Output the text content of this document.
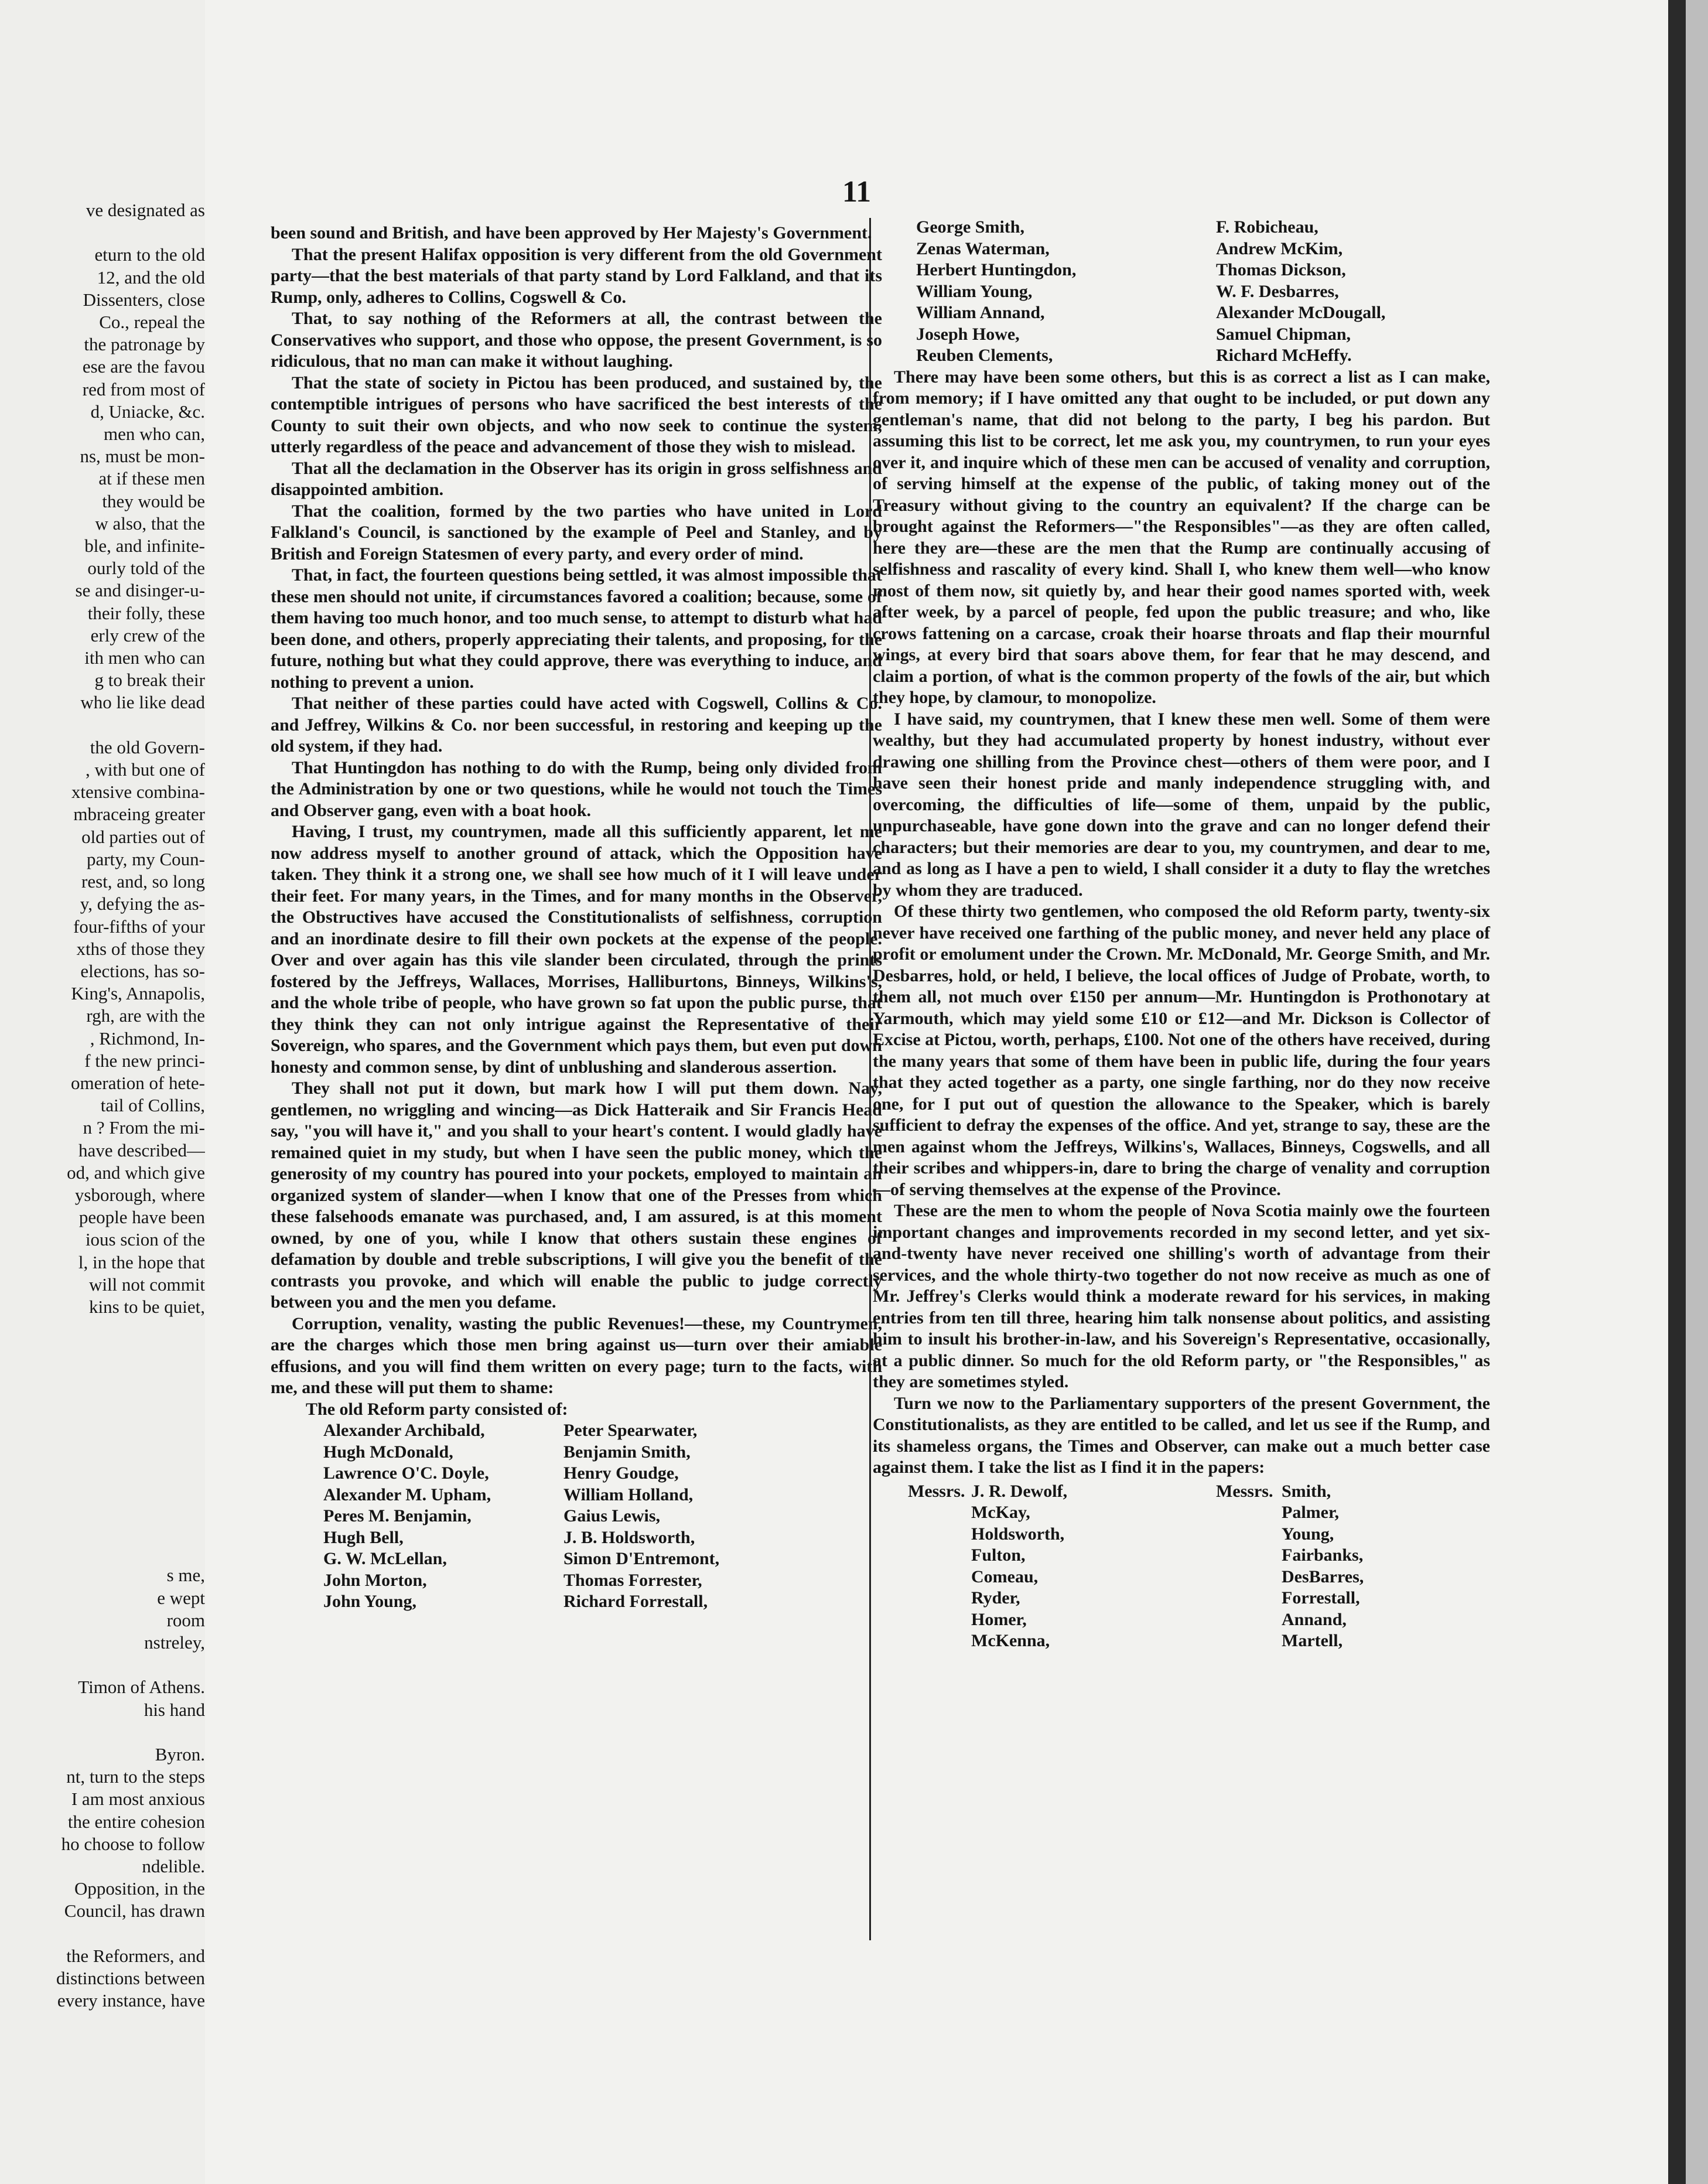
ve designated as

eturn to the old

12, and the old

Dissenters, close

Co., repeal the

the patronage by

ese are the favou

red from most of

d, Uniacke, &c.

men who can,

ns, must be mon-

at if these men

they would be

w also, that the

ble, and infinite-

ourly told of the

se and disinger-u-

their folly, these

erly crew of the

ith men who can

g to break their

who lie like dead

the old Govern-

, with but one of

xtensive combina-

mbraceing greater

old parties out of

party, my Coun-

rest, and, so long

y, defying the as-

four-fifths of your

xths of those they

elections, has so-

King's, Annapolis,

rgh, are with the

, Richmond, In-

f the new princi-

omeration of hete-

tail of Collins,

n ? From the mi-

have described—

od, and which give

ysborough, where

people have been

ious scion of the

l, in the hope that

will not commit

kins to be quiet,

s me,

e wept

room

nstreley,

Timon of Athens.

his hand

Byron.

nt, turn to the steps

I am most anxious

the entire cohesion

ho choose to follow

ndelible.

Opposition, in the

Council, has drawn

the Reformers, and

distinctions between

every instance, have

11

been sound and British, and have been approved by Her Majesty's Government.

That the present Halifax opposition is very different from the old Government party—that the best materials of that party stand by Lord Falkland, and that its Rump, only, adheres to Collins, Cogswell & Co.

That, to say nothing of the Reformers at all, the contrast between the Conservatives who support, and those who oppose, the present Government, is so ridiculous, that no man can make it without laughing.

That the state of society in Pictou has been produced, and sustained by, the contemptible intrigues of persons who have sacrificed the best interests of the County to suit their own objects, and who now seek to continue the system, utterly regardless of the peace and advancement of those they wish to mislead.

That all the declamation in the Observer has its origin in gross selfishness and disappointed ambition.

That the coalition, formed by the two parties who have united in Lord Falkland's Council, is sanctioned by the example of Peel and Stanley, and by British and Foreign Statesmen of every party, and every order of mind.

That, in fact, the fourteen questions being settled, it was almost impossible that these men should not unite, if circumstances favored a coalition; because, some of them having too much honor, and too much sense, to attempt to disturb what had been done, and others, properly appreciating their talents, and proposing, for the future, nothing but what they could approve, there was everything to induce, and nothing to prevent a union.

That neither of these parties could have acted with Cogswell, Collins & Co. and Jeffrey, Wilkins & Co. nor been successful, in restoring and keeping up the old system, if they had.

That Huntingdon has nothing to do with the Rump, being only divided from the Administration by one or two questions, while he would not touch the Times and Observer gang, even with a boat hook.

Having, I trust, my countrymen, made all this sufficiently apparent, let me now address myself to another ground of attack, which the Opposition have taken. They think it a strong one, we shall see how much of it I will leave under their feet. For many years, in the Times, and for many months in the Observer, the Obstructives have accused the Constitutionalists of selfishness, corruption and an inordinate desire to fill their own pockets at the expense of the people. Over and over again has this vile slander been circulated, through the prints fostered by the Jeffreys, Wallaces, Morrises, Halliburtons, Binneys, Wilkins's, and the whole tribe of people, who have grown so fat upon the public purse, that they think they can not only intrigue against the Representative of their Sovereign, who spares, and the Government which pays them, but even put down honesty and common sense, by dint of unblushing and slanderous assertion.

They shall not put it down, but mark how I will put them down. Nay, gentlemen, no wriggling and wincing—as Dick Hatteraik and Sir Francis Head say, "you will have it," and you shall to your heart's content. I would gladly have remained quiet in my study, but when I have seen the public money, which the generosity of my country has poured into your pockets, employed to maintain an organized system of slander—when I know that one of the Presses from which these falsehoods emanate was purchased, and, I am assured, is at this moment owned, by one of you, while I know that others sustain these engines of defamation by double and treble subscriptions, I will give you the benefit of the contrasts you provoke, and which will enable the public to judge correctly between you and the men you defame.

Corruption, venality, wasting the public Revenues!—these, my Countrymen, are the charges which those men bring against us—turn over their amiable effusions, and you will find them written on every page; turn to the facts, with me, and these will put them to shame:

The old Reform party consisted of:
Alexander Archibald,
Hugh McDonald,
Lawrence O'C. Doyle,
Alexander M. Upham,
Peres M. Benjamin,
Hugh Bell,
G. W. McLellan,
John Morton,
John Young,
Peter Spearwater,
Benjamin Smith,
Henry Goudge,
William Holland,
Gaius Lewis,
J. B. Holdsworth,
Simon D'Entremont,
Thomas Forrester,
Richard Forrestall,
George Smith,
Zenas Waterman,
Herbert Huntingdon,
William Young,
William Annand,
Joseph Howe,
Reuben Clements,
F. Robicheau,
Andrew McKim,
Thomas Dickson,
W. F. Desbarres,
Alexander McDougall,
Samuel Chipman,
Richard McHeffy.

There may have been some others, but this is as correct a list as I can make, from memory; if I have omitted any that ought to be included, or put down any gentleman's name, that did not belong to the party, I beg his pardon. But assuming this list to be correct, let me ask you, my countrymen, to run your eyes over it, and inquire which of these men can be accused of venality and corruption, of serving himself at the expense of the public, of taking money out of the Treasury without giving to the country an equivalent? If the charge can be brought against the Reformers—"the Responsibles"—as they are often called, here they are—these are the men that the Rump are continually accusing of selfishness and rascality of every kind. Shall I, who knew them well—who know most of them now, sit quietly by, and hear their good names sported with, week after week, by a parcel of people, fed upon the public treasure; and who, like crows fattening on a carcase, croak their hoarse throats and flap their mournful wings, at every bird that soars above them, for fear that he may descend, and claim a portion, of what is the common property of the fowls of the air, but which they hope, by clamour, to monopolize.

I have said, my countrymen, that I knew these men well. Some of them were wealthy, but they had accumulated property by honest industry, without ever drawing one shilling from the Province chest—others of them were poor, and I have seen their honest pride and manly independence struggling with, and overcoming, the difficulties of life—some of them, unpaid by the public, unpurchaseable, have gone down into the grave and can no longer defend their characters; but their memories are dear to you, my countrymen, and dear to me, and as long as I have a pen to wield, I shall consider it a duty to flay the wretches by whom they are traduced.

Of these thirty two gentlemen, who composed the old Reform party, twenty-six never have received one farthing of the public money, and never held any place of profit or emolument under the Crown. Mr. McDonald, Mr. George Smith, and Mr. Desbarres, hold, or held, I believe, the local offices of Judge of Probate, worth, to them all, not much over £150 per annum—Mr. Huntingdon is Prothonotary at Yarmouth, which may yield some £10 or £12—and Mr. Dickson is Collector of Excise at Pictou, worth, perhaps, £100. Not one of the others have received, during the many years that some of them have been in public life, during the four years that they acted together as a party, one single farthing, nor do they now receive one, for I put out of question the allowance to the Speaker, which is barely sufficient to defray the expenses of the office. And yet, strange to say, these are the men against whom the Jeffreys, Wilkins's, Wallaces, Binneys, Cogswells, and all their scribes and whippers-in, dare to bring the charge of venality and corruption—of serving themselves at the expense of the Province.

These are the men to whom the people of Nova Scotia mainly owe the fourteen important changes and improvements recorded in my second letter, and yet six-and-twenty have never received one shilling's worth of advantage from their services, and the whole thirty-two together do not now receive as much as one of Mr. Jeffrey's Clerks would think a moderate reward for his services, in making entries from ten till three, hearing him talk nonsense about politics, and assisting him to insult his brother-in-law, and his Sovereign's Representative, occasionally, at a public dinner. So much for the old Reform party, or "the Responsibles," as they are sometimes styled.

Turn we now to the Parliamentary supporters of the present Government, the Constitutionalists, as they are entitled to be called, and let us see if the Rump, and its shameless organs, the Times and Observer, can make out a much better case against them. I take the list as I find it in the papers:

Messrs. J. R. Dewolf,
McKay,
Holdsworth,
Fulton,
Comeau,
Ryder,
Homer,
McKenna,
Messrs. Smith,
Palmer,
Young,
Fairbanks,
DesBarres,
Forrestall,
Annand,
Martell,
